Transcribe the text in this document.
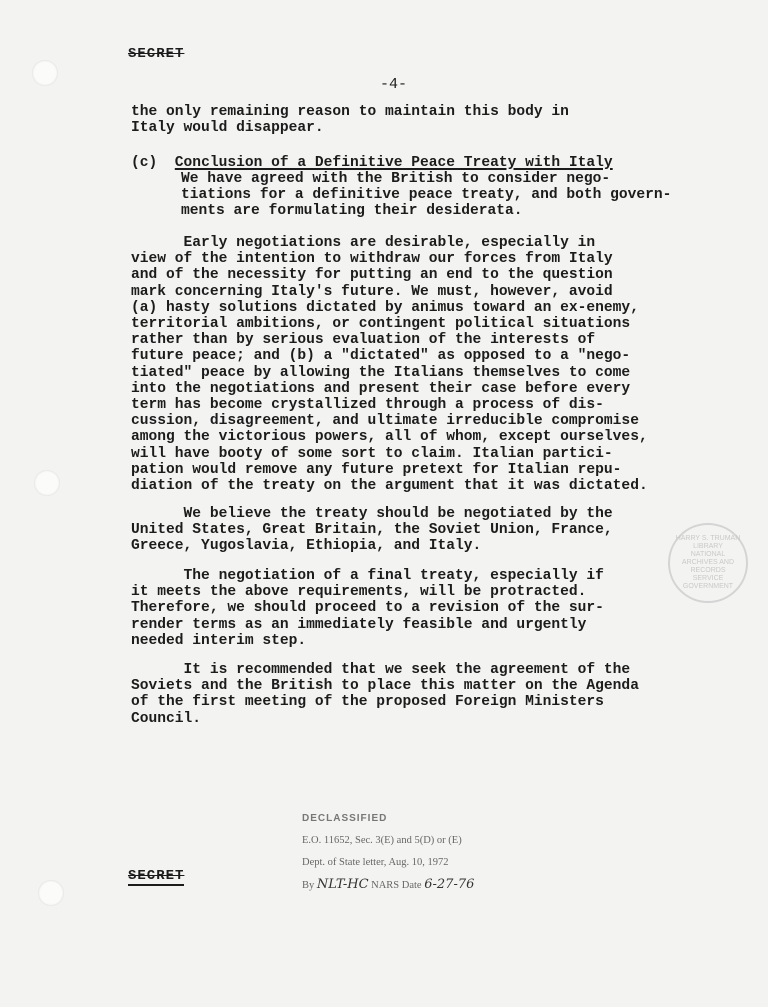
SECRET
-4-
the only remaining reason to maintain this body in
Italy would disappear.
(c) Conclusion of a Definitive Peace Treaty with Italy
We have agreed with the British to consider nego-
tiations for a definitive peace treaty, and both govern-
ments are formulating their desiderata.
Early negotiations are desirable, especially in
view of the intention to withdraw our forces from Italy
and of the necessity for putting an end to the question
mark concerning Italy's future. We must, however, avoid
(a) hasty solutions dictated by animus toward an ex-enemy,
territorial ambitions, or contingent political situations
rather than by serious evaluation of the interests of
future peace; and (b) a "dictated" as opposed to a "nego-
tiated" peace by allowing the Italians themselves to come
into the negotiations and present their case before every
term has become crystallized through a process of dis-
cussion, disagreement, and ultimate irreducible compromise
among the victorious powers, all of whom, except ourselves,
will have booty of some sort to claim. Italian partici-
pation would remove any future pretext for Italian repu-
diation of the treaty on the argument that it was dictated.
We believe the treaty should be negotiated by the
United States, Great Britain, the Soviet Union, France,
Greece, Yugoslavia, Ethiopia, and Italy.
The negotiation of a final treaty, especially if
it meets the above requirements, will be protracted.
Therefore, we should proceed to a revision of the sur-
render terms as an immediately feasible and urgently
needed interim step.
It is recommended that we seek the agreement of the
Soviets and the British to place this matter on the Agenda
of the first meeting of the proposed Foreign Ministers
Council.
HARRY S. TRUMAN
LIBRARY
NATIONAL
ARCHIVES AND
RECORDS
SERVICE
GOVERNMENT
DECLASSIFIED
E.O. 11652, Sec. 3(E) and 5(D) or (E)
Dept. of State letter, Aug. 10, 1972
By NLT-HC NARS Date 6-27-76
SECRET
